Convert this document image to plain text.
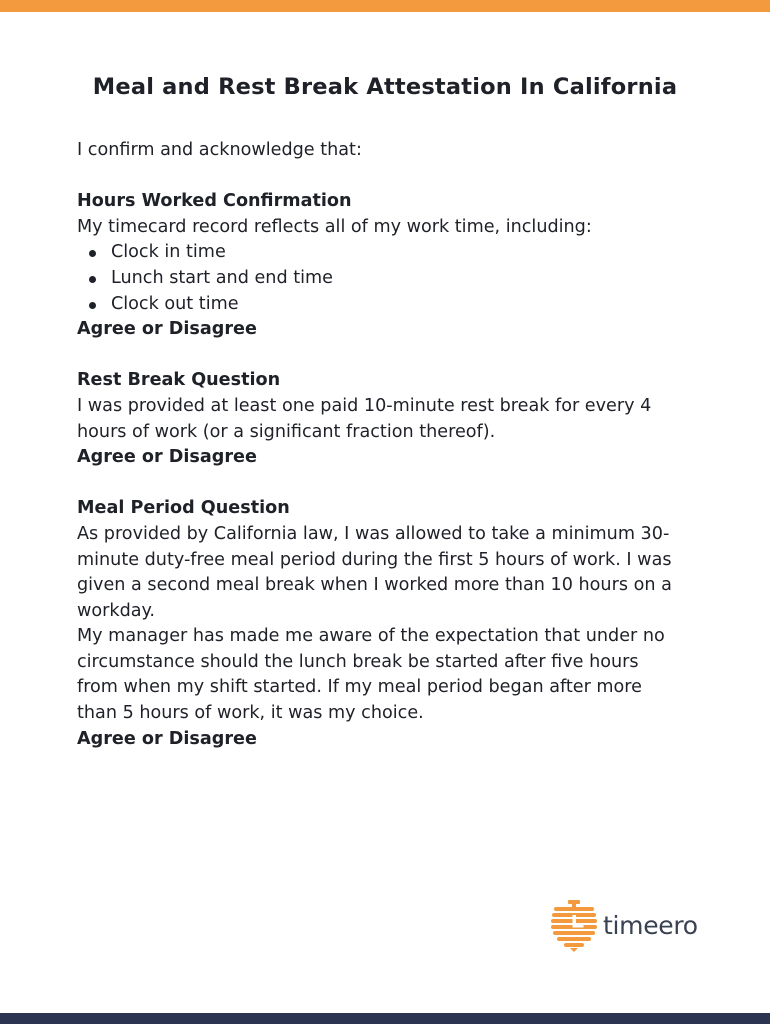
Meal and Rest Break Attestation In California

I confirm and acknowledge that:

Hours Worked Confirmation

My timecard record reflects all of my work time, including:

Clock in time
Lunch start and end time
Clock out time

Agree or Disagree

Rest Break Question

I was provided at least one paid 10-minute rest break for every 4

hours of work (or a significant fraction thereof).

Agree or Disagree

Meal Period Question

As provided by California law, I was allowed to take a minimum 30-

minute duty-free meal period during the first 5 hours of work. I was

given a second meal break when I worked more than 10 hours on a

workday.

My manager has made me aware of the expectation that under no

circumstance should the lunch break be started after five hours

from when my shift started. If my meal period began after more

than 5 hours of work, it was my choice.

Agree or Disagree

timeero
